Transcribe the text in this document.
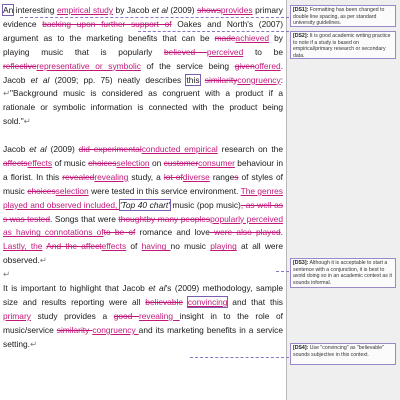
An interesting empirical study by Jacob et al (2009) showsprovides primary evidence backing upon further support of Oakes and North's (2007) argument as to the marketing benefits that can be madeachieved by playing music that is popularly believed perceived to be reflectiverepresentative or symbolic of the service being givenoffered. Jacob et al (2009; pp. 75) neatly describes this similaritycongruency: ↵"Background music is considered as congruent with a product if a rationale or symbolic information is connected with the product being sold."↵

Jacob et al (2009) did experimentalconducted empirical research on the affectseffects of music choicesselection on customerconsumer behaviour in a florist. In this revealedrevealing study, a lot ofdiverse ranges of styles of music choicesselection were tested in this service environment. The genres played and observed included, 'Top 40 chart' music (pop music), as well as s was tested. Songs that were thoughtby many peoplespopularly perceived as having connotations ofto be of romance and love were also played. Lastly, the And the affecteffects of having no music playing at all were observed.↵

↵

It is important to highlight that Jacob et al's (2009) methodology, sample size and results reporting were all believable convincing and that this primary study provides a good revealing insight in to the role of music/service similarity congruency and its marketing benefits in a service setting.↵

[DS1]: Formatting has been changed to double line spacing, as per standard university guidelines.
[DS2]: It is good academic writing practice to note if a study is based on empirical/primary research or secondary data.
[DS3]: Although it is acceptable to start a sentence with a conjunction, it is best to avoid doing so in an academic context as it sounds informal.
[DS4]: Use "convincing" as "believable" sounds subjective in this context.
